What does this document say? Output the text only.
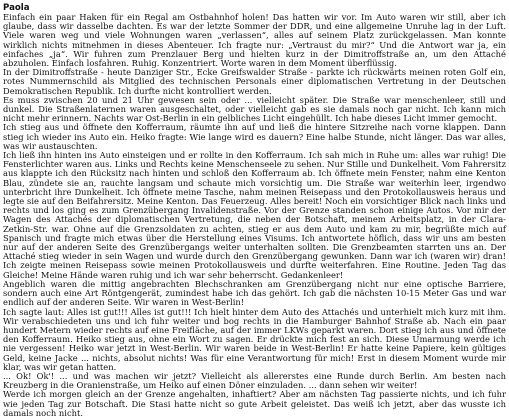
Paola

Einfach ein paar Haken für ein Regal am Ostbahnhof holen! Das hatten wir vor. Im Auto waren wir still, aber ich glaube, dass wir dasselbe dachten. Es war der letzte Sommer der DDR, und eine allgemeine Unruhe lag in der Luft. Viele waren weg und viele Wohnungen waren „verlassen“, alles auf seinem Platz zurückgelassen. Man konnte wirklich nichts mitnehmen in dieses Abenteuer. Ich fragte nur: „Vertraust du mir?“ Und die Antwort war ja, ein einfaches „ja“. Wir fuhren zum Prenzlauer Berg und hielten kurz in der Dimitroffstraße an, um den Attaché abzuholen. Einfach losfahren. Ruhig. Konzentriert. Worte waren in dem Moment überflüssig.

In der Dimitroffstraße - heute Danziger Str., Ecke Greifswalder Straße - parkte ich rückwärts meinen roten Golf ein, rotes Nummernschild als Mitglied des technischen Personals einer diplomatischen Vertretung in der Deutschen Demokratischen Republik. Ich durfte nicht kontrolliert werden.

Es muss zwischen 20 und 21 Uhr gewesen sein oder ... vielleicht später. Die Straße war menschenleer, still und dunkel. Die Straßenlaternen waren ausgeschaltet, oder vielleicht gab es sie damals noch gar nicht. Ich kann mich nicht mehr erinnern. Nachts war Ost-Berlin in ein gelbliches Licht eingehüllt. Ich habe dieses Licht immer gemocht.

Ich stieg aus und öffnete den Kofferraum, räumte ihn auf und ließ die hintere Sitzreihe nach vorne klappen. Dann stieg ich wieder ins Auto ein. Heiko fragte: Wie lange wird es dauern? Eine halbe Stunde, nicht länger. Das war alles, was wir austauschten.

Ich ließ ihn hinten ins Auto einsteigen und er rollte in den Kofferraum. Ich sah mich in Ruhe um: alles war ruhig! Die Fensterlichter waren aus. Links und Rechts keine Menschenseele zu sehen. Nur Stille und Dunkelheit. Vom Fahrersitz aus klappte ich den Rücksitz nach hinten und schloß den Kofferraum ab. Ich öffnete mein Fenster, nahm eine Kenton Blau, zündete sie an, rauchte langsam und schaute mich vorsichtig um. Die Straße war weiterhin leer, irgendwo unterbricht ihre Dunkelheit. Ich öffnete meine Tasche, nahm meinen Reisepass und den Protokollausweis heraus und legte sie auf den Beifahrersitz. Meine Kenton. Das Feuerzeug. Alles bereit! Noch ein vorsichtiger Blick nach links und rechts und los ging es zum Grenzübergang Invalidenstraße. Vor der Grenze standen schon einige Autos. Vor mir der Wagen des Attachés der diplomatischen Vertretung, die neben der Botschaft, meinem Arbeitsplatz, in der Clara-Zetkin-Str. war. Ohne auf die Grenzsoldaten zu achten, stieg er aus dem Auto und kam zu mir, begrüßte mich auf Spanisch und fragte mich etwas über die Herstellung eines Visums. Ich antwortete höflich, dass wir uns am besten nur auf der anderen Seite des Grenzübergangs weiter unterhalten sollten. Die Grenzbeamten starrten uns an. Der Attaché stieg wieder in sein Wagen und wurde durch den Grenzübergang gewunken. Dann war ich (waren wir) dran! Ich zeigte meinen Reisepass sowie meinen Protokollausweis und durfte weiterfahren. Eine Routine. Jeden Tag das Gleiche! Meine Hände waren ruhig und ich war sehr beherrscht. Gedankenleer!

Angeblich waren die mittig angebrachten Blechschranken am Grenzübergang nicht nur eine optische Barriere, sondern auch eine Art Röntgengerät, zumindest habe ich das gehört. Ich gab die nächsten 10-15 Meter Gas und war endlich auf der anderen Seite. Wir waren in West-Berlin!

Ich sagte laut: Alles ist gut!!! Alles ist gut!!! Ich hielt hinter dem Auto des Attachés und unterhielt mich kurz mit ihm. Wir verabschiedeten uns und ich fuhr weiter und bog rechts in die Hamburger Bahnhof Straße ab. Nach ein paar hundert Metern wieder rechts auf eine Freifläche, auf der immer LKWs geparkt waren. Dort stieg ich aus und öffnete den Kofferraum. Heiko stieg aus, ohne ein Wort zu sagen. Er drückte mich fest an sich. Diese Umarmung werde ich nie vergessen! Heiko war jetzt in West-Berlin. Wir waren beide in West-Berlin! Er hatte keine Papiere, kein gültiges Geld, keine Jacke ... nichts, absolut nichts! Was für eine Verantwortung für mich! Erst in diesem Moment wurde mir klar, was wir getan hatten.

... Ok! Ok'! ... und was machen wir jetzt? Vielleicht als allererstes eine Runde durch Berlin. Am besten nach Kreuzberg in die Oranienstraße, um Heiko auf einen Döner einzuladen. ... dann sehen wir weiter!

Werde ich morgen gleich an der Grenze angehalten, inhaftiert? Aber am nächsten Tag passierte nichts, und ich fuhr wie jeden Tag zur Botschaft. Die Stasi hatte nicht so gute Arbeit geleistet. Das weiß ich jetzt, aber das wusste ich damals noch nicht.
